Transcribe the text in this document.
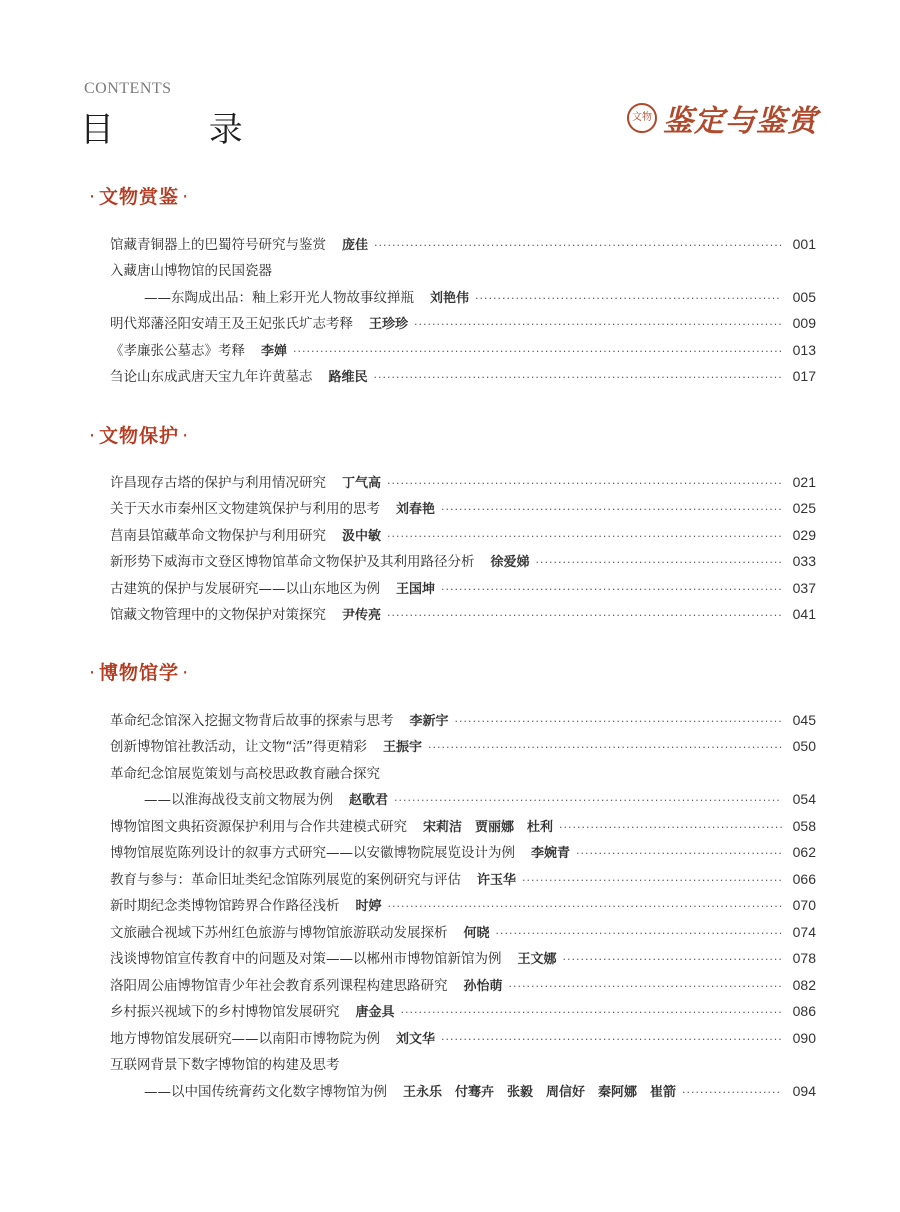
CONTENTS
目 录	文物 鉴定与鉴赏
· 文物赏鉴 ·
馆藏青铜器上的巴蜀符号研究与鉴赏 庞佳 ·····	001
入藏唐山博物馆的民国瓷器
——东陶成出品：釉上彩开光人物故事纹掸瓶 刘艳伟 ·····	005
明代郑藩泾阳安靖王及王妃张氏圹志考释 王珍珍 ·····	009
《孝廉张公墓志》考释 李婵 ·····	013
刍论山东成武唐天宝九年许黄墓志 路维民 ·····	017
· 文物保护 ·
许昌现存古塔的保护与利用情况研究 丁气高 ·····	021
关于天水市秦州区文物建筑保护与利用的思考 刘春艳 ·····	025
莒南县馆藏革命文物保护与利用研究 汲中敏 ·····	029
新形势下威海市文登区博物馆革命文物保护及其利用路径分析 徐爱娣 ·····	033
古建筑的保护与发展研究——以山东地区为例 王国坤 ·····	037
馆藏文物管理中的文物保护对策探究 尹传亮 ·····	041
· 博物馆学 ·
革命纪念馆深入挖掘文物背后故事的探索与思考 李新宇 ·····	045
创新博物馆社教活动，让文物“活”得更精彩 王振宇 ·····	050
革命纪念馆展览策划与高校思政教育融合探究
——以淮海战役支前文物展为例 赵歌君 ·····	054
博物馆图文典拓资源保护利用与合作共建模式研究 宋莉洁　贾丽娜　杜利 ·····	058
博物馆展览陈列设计的叙事方式研究——以安徽博物院展览设计为例 李婉青 ·····	062
教育与参与：革命旧址类纪念馆陈列展览的案例研究与评估 许玉华 ·····	066
新时期纪念类博物馆跨界合作路径浅析 时婷 ·····	070
文旅融合视域下苏州红色旅游与博物馆旅游联动发展探析 何晓 ·····	074
浅谈博物馆宣传教育中的问题及对策——以郴州市博物馆新馆为例 王文娜 ·····	078
洛阳周公庙博物馆青少年社会教育系列课程构建思路研究 孙怡萌 ·····	082
乡村振兴视域下的乡村博物馆发展研究 唐金具 ·····	086
地方博物馆发展研究——以南阳市博物院为例 刘文华 ·····	090
互联网背景下数字博物馆的构建及思考
——以中国传统膏药文化数字博物馆为例 王永乐　付骞卉　张毅　周信好　秦阿娜　崔箭 ·····	094
